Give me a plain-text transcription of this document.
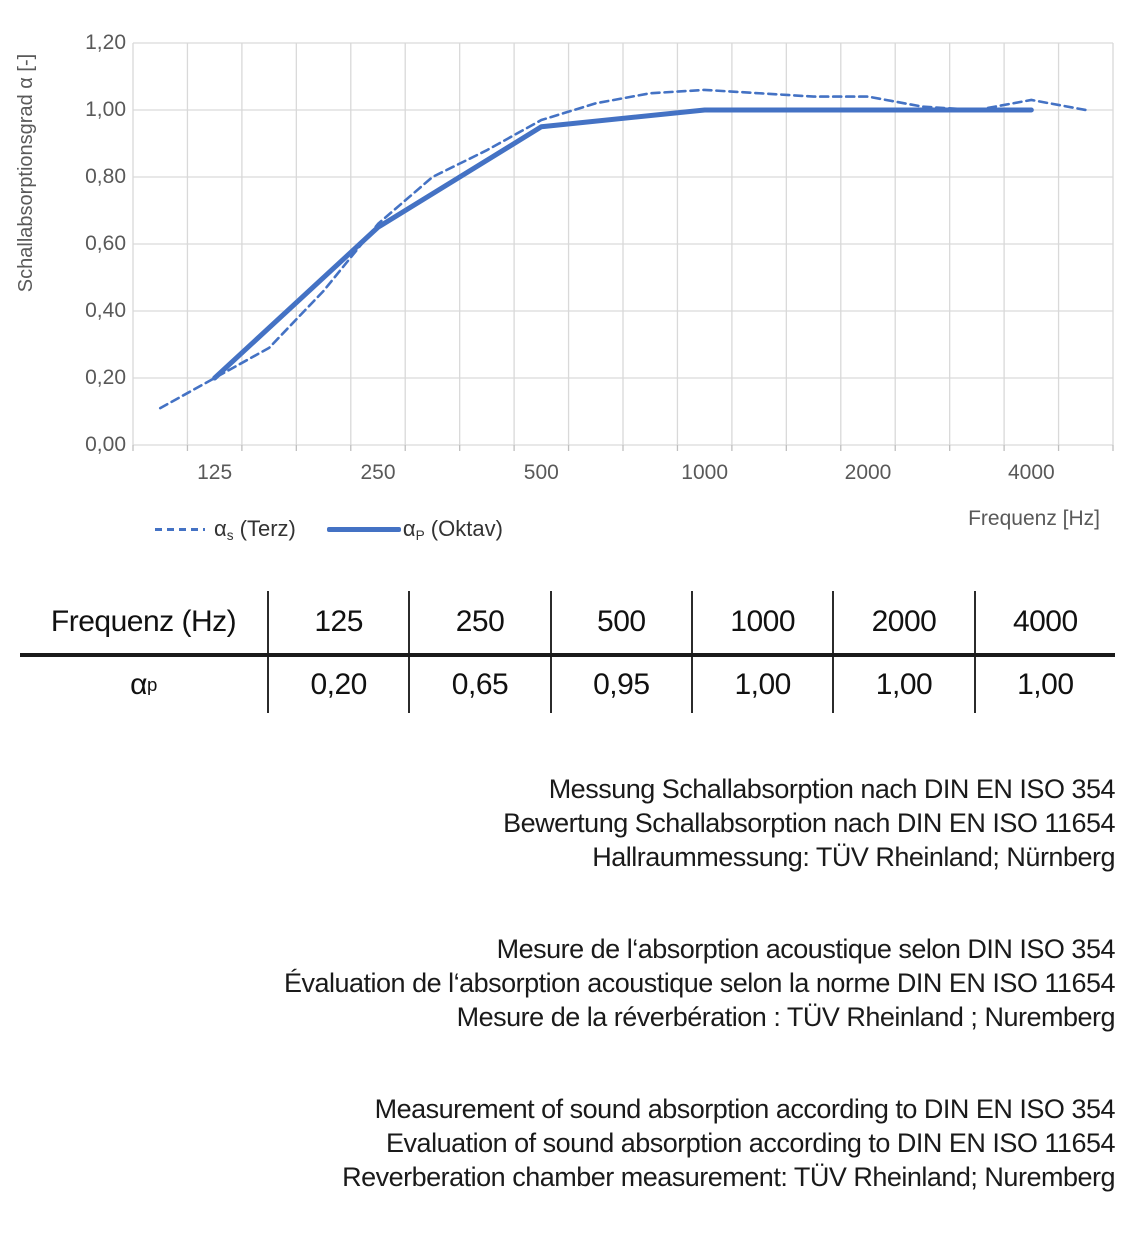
Schallabsorptionsgrad α [-]
1,20
1,00
0,80
0,60
0,40
0,20
0,00
125	250	500	1000	2000	4000
Frequenz [Hz]
$\alpha_s$ (Terz)	$\alpha_P$ (Oktav)
Frequenz (Hz)	125	250	500	1000	2000	4000
α p	0,20	0,65	0,95	1,00	1,00	1,00
Messung Schallabsorption nach DIN EN ISO 354
Bewertung Schallabsorption nach DIN EN ISO 11654
Hallraummessung: TÜV Rheinland; Nürnberg
Mesure de l‘absorption acoustique selon DIN ISO 354
Évaluation de l‘absorption acoustique selon la norme DIN EN ISO 11654
Mesure de la réverbération : TÜV Rheinland ; Nuremberg
Measurement of sound absorption according to DIN EN ISO 354
Evaluation of sound absorption according to DIN EN ISO 11654
Reverberation chamber measurement: TÜV Rheinland; Nuremberg
